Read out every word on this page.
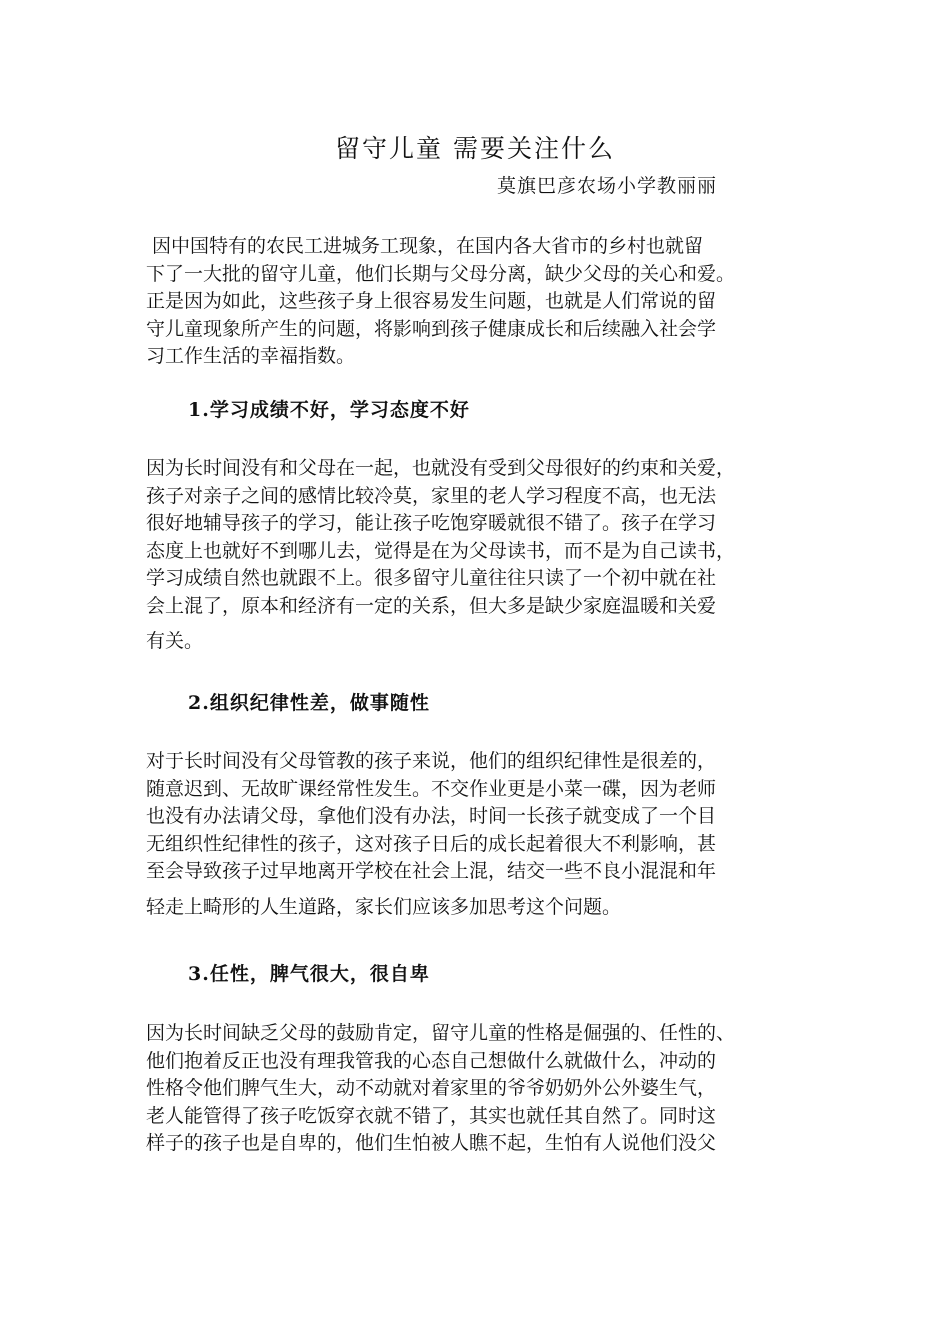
留守儿童 需要关注什么
莫旗巴彦农场小学教丽丽
因中国特有的农民工进城务工现象，在国内各大省市的乡村也就留
下了一大批的留守儿童，他们长期与父母分离，缺少父母的关心和爱。
正是因为如此，这些孩子身上很容易发生问题，也就是人们常说的留
守儿童现象所产生的问题，将影响到孩子健康成长和后续融入社会学
习工作生活的幸福指数。
1.学习成绩不好，学习态度不好
因为长时间没有和父母在一起，也就没有受到父母很好的约束和关爱，
孩子对亲子之间的感情比较冷莫，家里的老人学习程度不高，也无法
很好地辅导孩子的学习，能让孩子吃饱穿暖就很不错了。孩子在学习
态度上也就好不到哪儿去，觉得是在为父母读书，而不是为自己读书，
学习成绩自然也就跟不上。很多留守儿童往往只读了一个初中就在社
会上混了，原本和经济有一定的关系，但大多是缺少家庭温暖和关爱
有关。
2.组织纪律性差，做事随性
对于长时间没有父母管教的孩子来说，他们的组织纪律性是很差的，
随意迟到、无故旷课经常性发生。不交作业更是小菜一碟，因为老师
也没有办法请父母，拿他们没有办法，时间一长孩子就变成了一个目
无组织性纪律性的孩子，这对孩子日后的成长起着很大不利影响，甚
至会导致孩子过早地离开学校在社会上混，结交一些不良小混混和年
轻走上畸形的人生道路，家长们应该多加思考这个问题。
3.任性，脾气很大，很自卑
因为长时间缺乏父母的鼓励肯定，留守儿童的性格是倔强的、任性的、
他们抱着反正也没有理我管我的心态自己想做什么就做什么，冲动的
性格令他们脾气生大，动不动就对着家里的爷爷奶奶外公外婆生气，
老人能管得了孩子吃饭穿衣就不错了，其实也就任其自然了。同时这
样子的孩子也是自卑的，他们生怕被人瞧不起，生怕有人说他们没父
